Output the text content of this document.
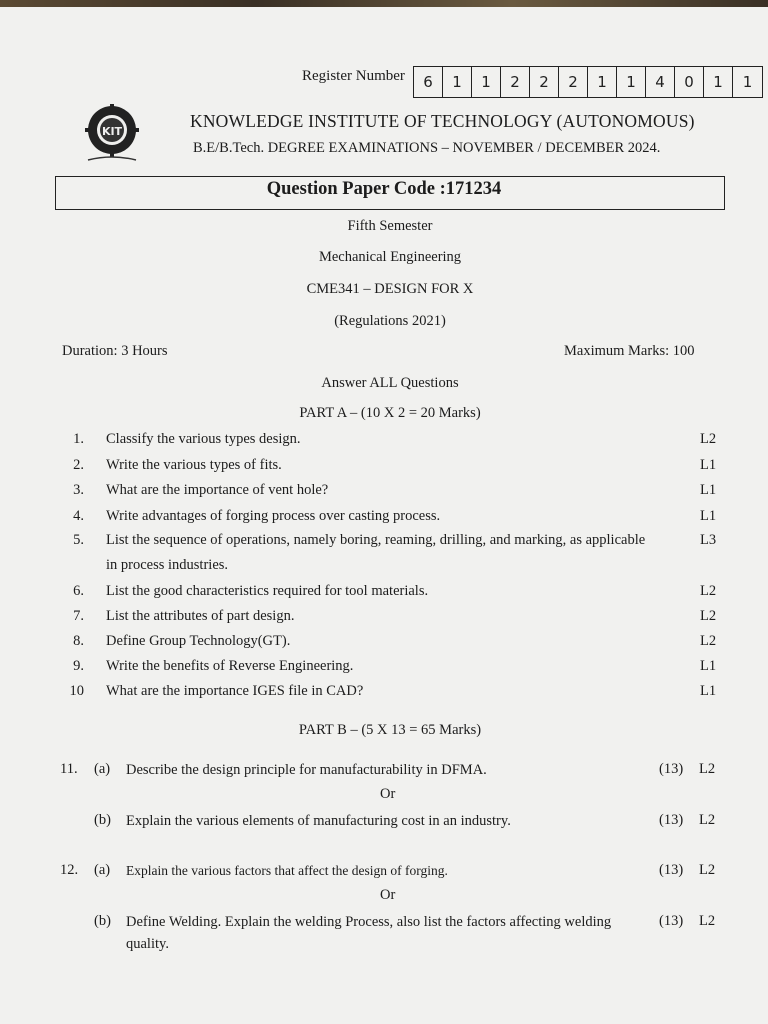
Register Number	6	1	1	2	2	2	1	1	4	0	1	1
KIT
KNOWLEDGE INSTITUTE OF TECHNOLOGY (AUTONOMOUS)
B.E/B.Tech. DEGREE EXAMINATIONS – NOVEMBER / DECEMBER 2024.
Question Paper Code :171234
Fifth Semester
Mechanical Engineering
CME341 – DESIGN FOR X
(Regulations 2021)
Duration: 3 Hours	Maximum Marks: 100
Answer ALL Questions
PART A – (10 X 2 = 20 Marks)
1. Classify the various types design.	L2
2. Write the various types of fits.	L1
3. What are the importance of vent hole?	L1
4. Write advantages of forging process over casting process.	L1
5. List the sequence of operations, namely boring, reaming, drilling, and marking, as applicable
in process industries.
L3
6. List the good characteristics required for tool materials.	L2
7. List the attributes of part design.	L2
8. Define Group Technology(GT).	L2
9. Write the benefits of Reverse Engineering.	L1
10 What are the importance IGES file in CAD?	L1
PART B – (5 X 13 = 65 Marks)
11. (a) Describe the design principle for manufacturability in DFMA.	(13) L2
Or
(b) Explain the various elements of manufacturing cost in an industry.	(13) L2
12. (a) Explain the various factors that affect the design of forging.	(13) L2
Or
(b) Define Welding. Explain the welding Process, also list the factors affecting welding quality.
(13) L2
